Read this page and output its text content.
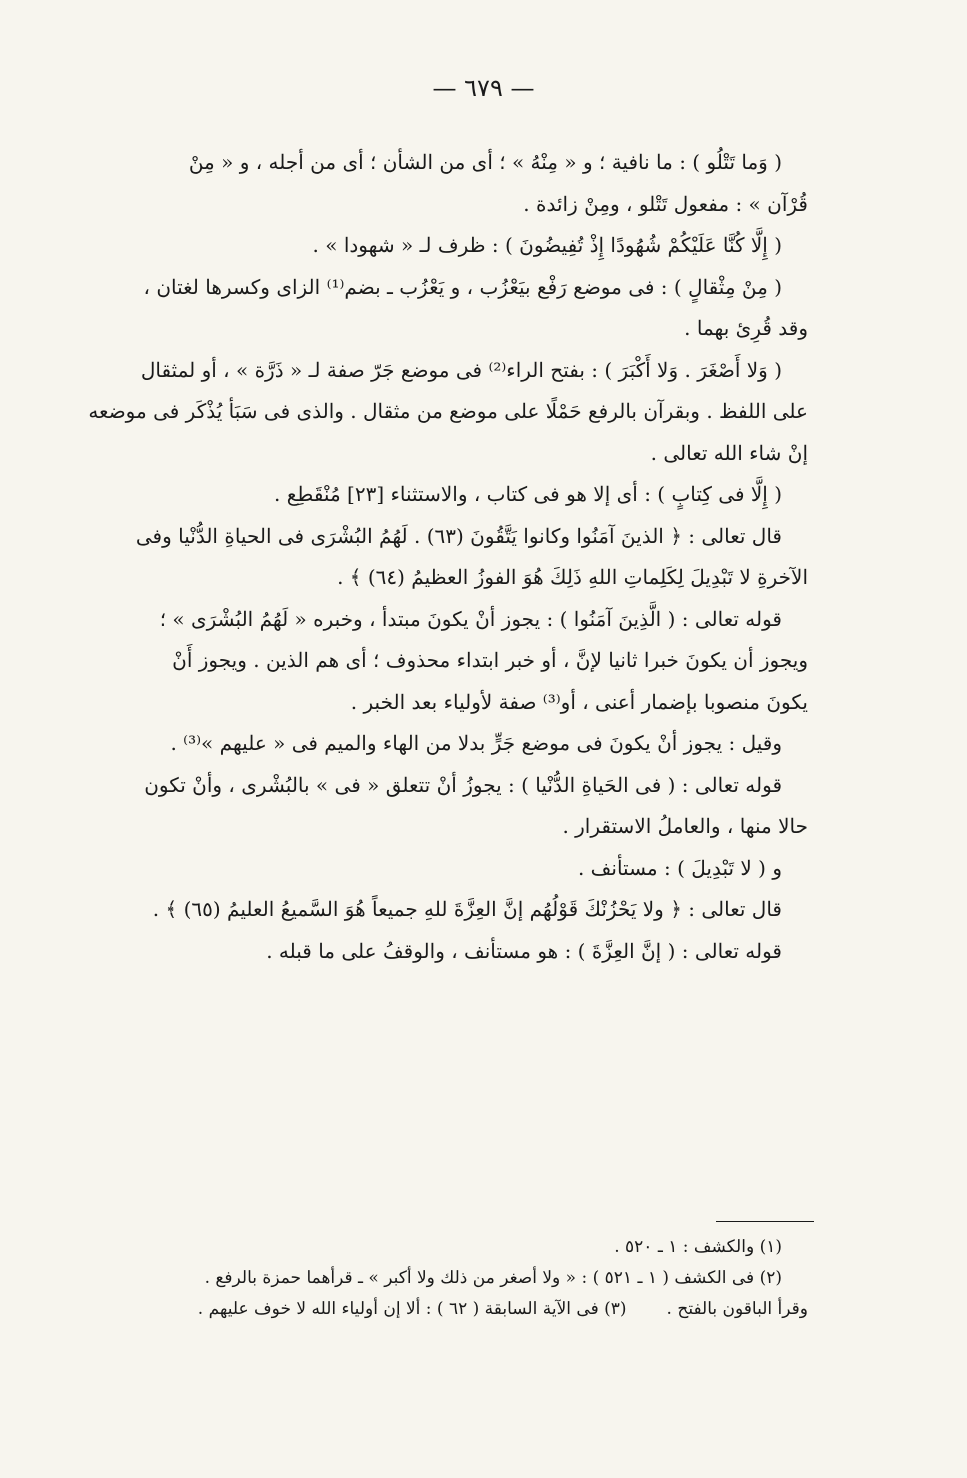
— ٦٧٩ —

( وَما تَتْلُو ) : ما نافية ؛ و « مِنْهُ » ؛ أى من الشأن ؛ أى من أجله ، و « مِنْ

قُرْآن » : مفعول تَتْلو ، ومِنْ زائدة .

( إِلَّا كُنَّا عَلَيْكُمْ شُهُودًا إِذْ تُفِيضُونَ ) : ظرف لـ « شهودا » .

( مِنْ مِثْقالٍ ) : فى موضع رَفْع بيَعْزُب ، و يَعْزُب ـ بضم⁽¹⁾ الزاى وكسرها لغتان ،

وقد قُرِئ بهما .

( وَلا أَصْغَرَ . وَلا أَكْبَرَ ) : بفتح الراء⁽²⁾ فى موضع جَرّ صفة لـ « ذَرَّة » ، أو لمثقال

على اللفظ . وبقرآن بالرفع حَمْلًا على موضع من مثقال . والذى فى سَبَأ يُذْكَر فى موضعه

إنْ شاء الله تعالى .

( إِلَّا فى كِتابٍ ) : أى إلا هو فى كتاب ، والاستثناء [٢٣] مُنْقَطِع .

قال تعالى : ﴿ الذينَ آمَنُوا وكانوا يَتَّقُونَ (٦٣) . لَهُمُ البُشْرَى فى الحياةِ الدُّنْيا وفى

الآخرةِ لا تَبْدِيلَ لِكَلِماتِ اللهِ ذَلِكَ هُوَ الفوزُ العظيمُ (٦٤) ﴾ .

قوله تعالى : ( الَّذِينَ آمَنُوا ) : يجوز أنْ يكونَ مبتدأ ، وخبره « لَهُمُ البُشْرَى » ؛

ويجوز أن يكونَ خبرا ثانيا لإنَّ ، أو خبر ابتداء محذوف ؛ أى هم الذين . ويجوز أَنْ

يكونَ منصوبا بإضمار أعنى ، أو⁽³⁾ صفة لأولياء بعد الخبر .

وقيل : يجوز أنْ يكونَ فى موضع جَرٍّ بدلا من الهاء والميم فى « عليهم »⁽³⁾ .

قوله تعالى : ( فى الحَياةِ الدُّنْيا ) : يجوزُ أنْ تتعلق « فى » بالبُشْرى ، وأنْ تكون

حالا منها ، والعاملُ الاستقرار .

و ( لا تَبْدِيلَ ) : مستأنف .

قال تعالى : ﴿ ولا يَحْزُنْكَ قَوْلُهُم إنَّ العِزَّةَ للهِ جميعاً هُوَ السَّميعُ العليمُ (٦٥) ﴾ .

قوله تعالى : ( إنَّ العِزَّةَ ) : هو مستأنف ، والوقفُ على ما قبله .

(١) والكشف : ١ ـ ٥٢٠ .

(٢) فى الكشف ( ١ ـ ٥٢١ ) : « ولا أصغر من ذلك ولا أكبر » ـ قرأهما حمزة بالرفع .

وقرأ الباقون بالفتح .(٣) فى الآية السابقة ( ٦٢ ) : ألا إن أولياء الله لا خوف عليهم .
